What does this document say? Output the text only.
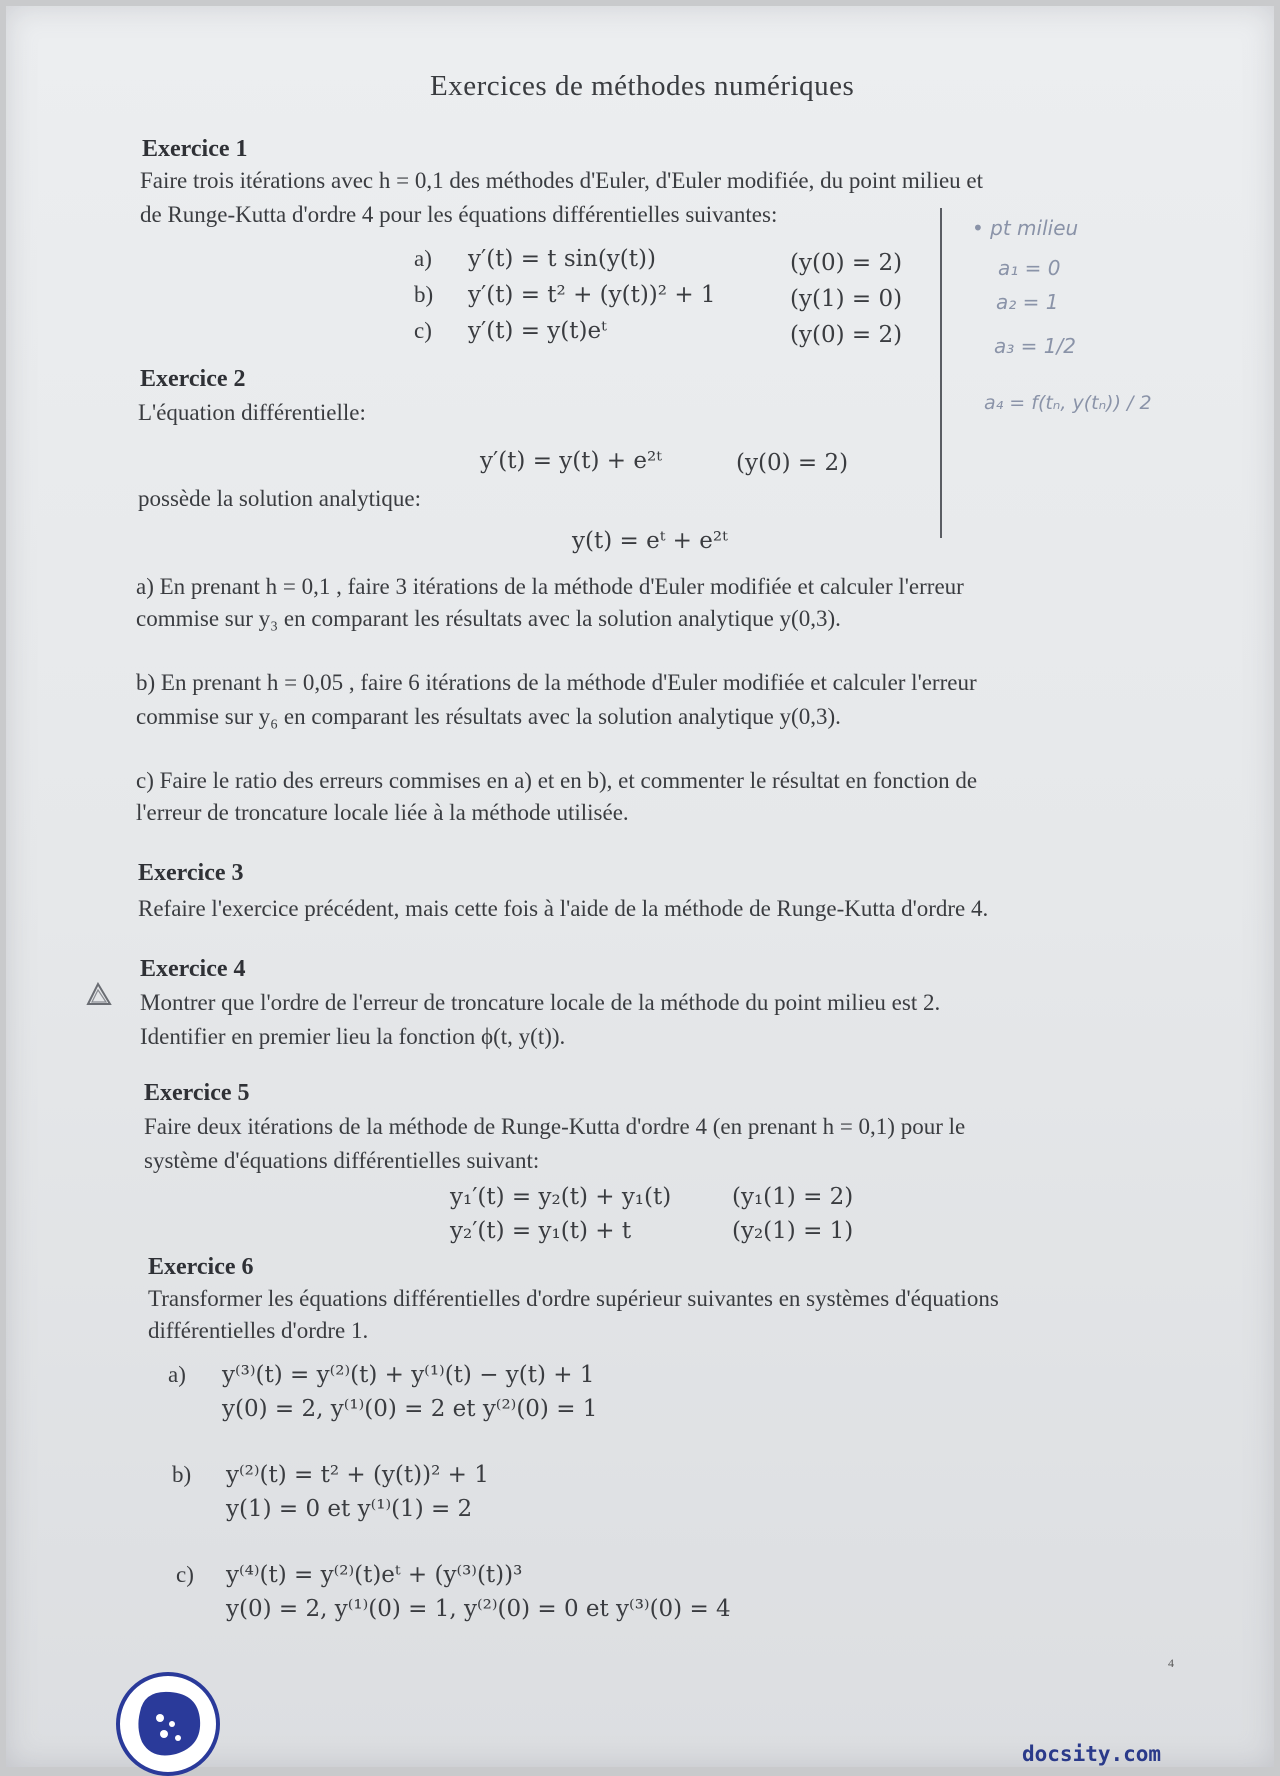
Exercices de méthodes numériques
Exercice 1
Faire trois itérations avec h = 0,1 des méthodes d'Euler, d'Euler modifiée, du point milieu et
de Runge-Kutta d'ordre 4 pour les équations différentielles suivantes:
a) y′(t) = t sin(y(t))	(y(0) = 2)
b) y′(t) = t² + (y(t))² + 1	(y(1) = 0)
c) y′(t) = y(t)eᵗ	(y(0) = 2)
• pt milieu
a₁ = 0
a₂ = 1
a₃ = 1/2
a₄ = f(tₙ, y(tₙ)) / 2
Exercice 2
L'équation différentielle:
y′(t) = y(t) + e²ᵗ	(y(0) = 2)
possède la solution analytique:
y(t) = eᵗ + e²ᵗ
a) En prenant h = 0,1 , faire 3 itérations de la méthode d'Euler modifiée et calculer l'erreur
commise sur y₃ en comparant les résultats avec la solution analytique y(0,3).
b) En prenant h = 0,05 , faire 6 itérations de la méthode d'Euler modifiée et calculer l'erreur
commise sur y₆ en comparant les résultats avec la solution analytique y(0,3).
c) Faire le ratio des erreurs commises en a) et en b), et commenter le résultat en fonction de
l'erreur de troncature locale liée à la méthode utilisée.
Exercice 3
Refaire l'exercice précédent, mais cette fois à l'aide de la méthode de Runge-Kutta d'ordre 4.
Exercice 4
Montrer que l'ordre de l'erreur de troncature locale de la méthode du point milieu est 2.
Identifier en premier lieu la fonction ϕ(t, y(t)).
Exercice 5
Faire deux itérations de la méthode de Runge-Kutta d'ordre 4 (en prenant h = 0,1) pour le
système d'équations différentielles suivant:
y₁′(t) = y₂(t) + y₁(t)	(y₁(1) = 2)
y₂′(t) = y₁(t) + t	(y₂(1) = 1)
Exercice 6
Transformer les équations différentielles d'ordre supérieur suivantes en systèmes d'équations
différentielles d'ordre 1.
a) y⁽³⁾(t) = y⁽²⁾(t) + y⁽¹⁾(t) − y(t) + 1
y(0) = 2, y⁽¹⁾(0) = 2 et y⁽²⁾(0) = 1
b) y⁽²⁾(t) = t² + (y(t))² + 1
y(1) = 0 et y⁽¹⁾(1) = 2
c) y⁽⁴⁾(t) = y⁽²⁾(t)eᵗ + (y⁽³⁾(t))³
y(0) = 2, y⁽¹⁾(0) = 1, y⁽²⁾(0) = 0 et y⁽³⁾(0) = 4
4
docsity.com
